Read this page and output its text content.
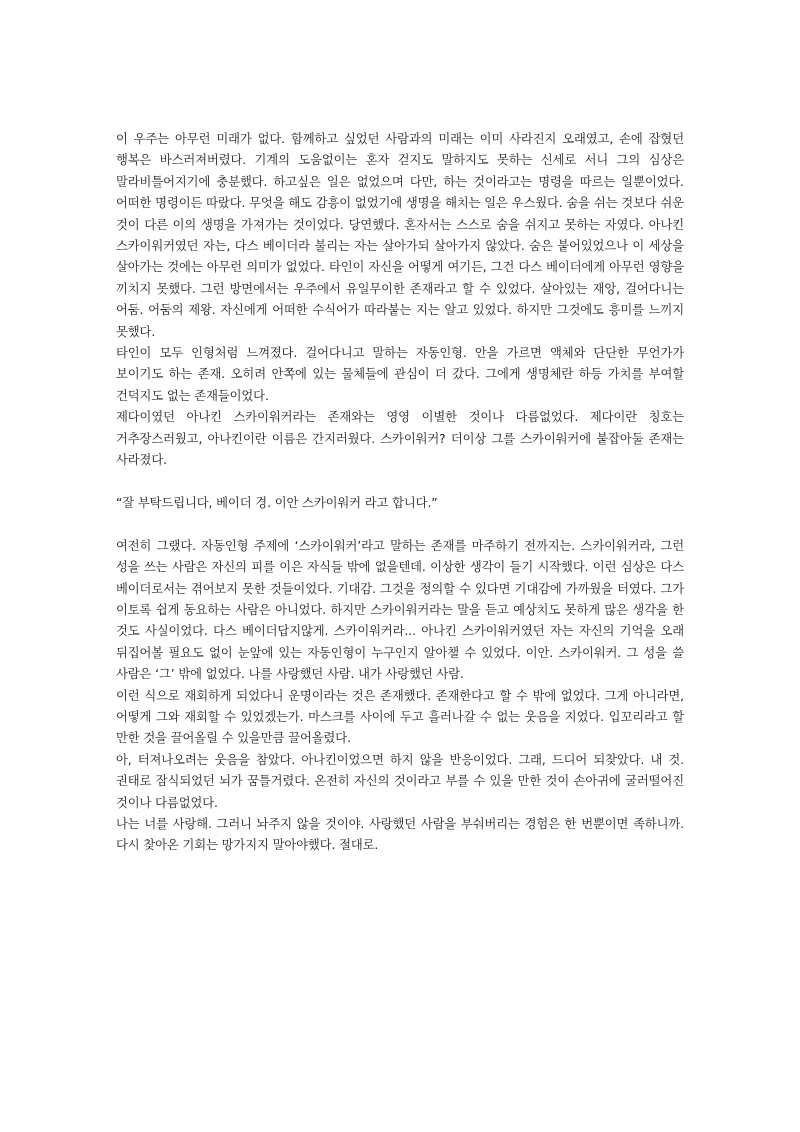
이 우주는 아무런 미래가 없다. 함께하고 싶었던 사람과의 미래는 이미 사라진지 오래였고, 손에 잡혔던 행복은 바스러져버렸다. 기계의 도움없이는 혼자 걷지도 말하지도 못하는 신세로 서니 그의 심상은 말라비틀어지기에 충분했다. 하고싶은 일은 없었으며 다만, 하는 것이라고는 명령을 따르는 일뿐이었다. 어떠한 명령이든 따랐다. 무엇을 해도 감흥이 없었기에 생명을 해치는 일은 우스웠다. 숨을 쉬는 것보다 쉬운 것이 다른 이의 생명을 가져가는 것이었다. 당연했다. 혼자서는 스스로 숨을 쉬지고 못하는 자였다. 아나킨 스카이워커였던 자는, 다스 베이더라 불리는 자는 살아가되 살아가지 않았다. 숨은 붙어있었으나 이 세상을 살아가는 것에는 아무런 의미가 없었다. 타인이 자신을 어떻게 여기든, 그건 다스 베이더에게 아무런 영향을 끼치지 못했다. 그런 방면에서는 우주에서 유일무이한 존재라고 할 수 있었다. 살아있는 재앙, 걸어다니는 어둠. 어둠의 제왕. 자신에게 어떠한 수식어가 따라붙는 지는 알고 있었다. 하지만 그것에도 흥미를 느끼지 못했다.

타인이 모두 인형처럼 느껴졌다. 걸어다니고 말하는 자동인형. 안을 가르면 액체와 단단한 무언가가 보이기도 하는 존재. 오히려 안쪽에 있는 물체들에 관심이 더 갔다. 그에게 생명체란 하등 가치를 부여할 건덕지도 없는 존재들이었다.

제다이였던 아나킨 스카이워커라는 존재와는 영영 이별한 것이나 다름없었다. 제다이란 칭호는 거추장스러웠고, 아나킨이란 이름은 간지러웠다. 스카이워커? 더이상 그를 스카이워커에 붙잡아둘 존재는 사라졌다.

“잘 부탁드립니다, 베이더 경. 이안 스카이워커 라고 합니다.”

여전히 그랬다. 자동인형 주제에 ‘스카이워커’라고 말하는 존재를 마주하기 전까지는. 스카이워커라, 그런 성을 쓰는 사람은 자신의 피를 이은 자식들 밖에 없을텐데. 이상한 생각이 들기 시작했다. 이런 심상은 다스 베이더로서는 겪어보지 못한 것들이었다. 기대감. 그것을 정의할 수 있다면 기대감에 가까웠을 터였다. 그가 이토록 쉽게 동요하는 사람은 아니었다. 하지만 스카이워커라는 말을 듣고 예상치도 못하게 많은 생각을 한 것도 사실이었다. 다스 베이더답지않게. 스카이워커라... 아나킨 스카이워커였던 자는 자신의 기억을 오래 뒤집어볼 필요도 없이 눈앞에 있는 자동인형이 누구인지 알아챌 수 있었다. 이안. 스카이워커. 그 성을 쓸 사람은 ‘그’ 밖에 없었다. 나를 사랑했던 사람. 내가 사랑했던 사람.

이런 식으로 재회하게 되었다니 운명이라는 것은 존재했다. 존재한다고 할 수 밖에 없었다. 그게 아니라면, 어떻게 그와 재회할 수 있었겠는가. 마스크를 사이에 두고 흘러나갈 수 없는 웃음을 지었다. 입꼬리라고 할 만한 것을 끌어올릴 수 있을만큼 끌어올렸다.

아, 터져나오려는 웃음을 참았다. 아나킨이었으면 하지 않을 반응이었다. 그래, 드디어 되찾았다. 내 것. 권태로 잠식되었던 뇌가 꿈틀거렸다. 온전히 자신의 것이라고 부를 수 있을 만한 것이 손아귀에 굴러떨어진 것이나 다름없었다.

나는 너를 사랑해. 그러니 놔주지 않을 것이야. 사랑했던 사람을 부숴버리는 경험은 한 번뿐이면 족하니까. 다시 찾아온 기회는 망가지지 말아야했다. 절대로.
